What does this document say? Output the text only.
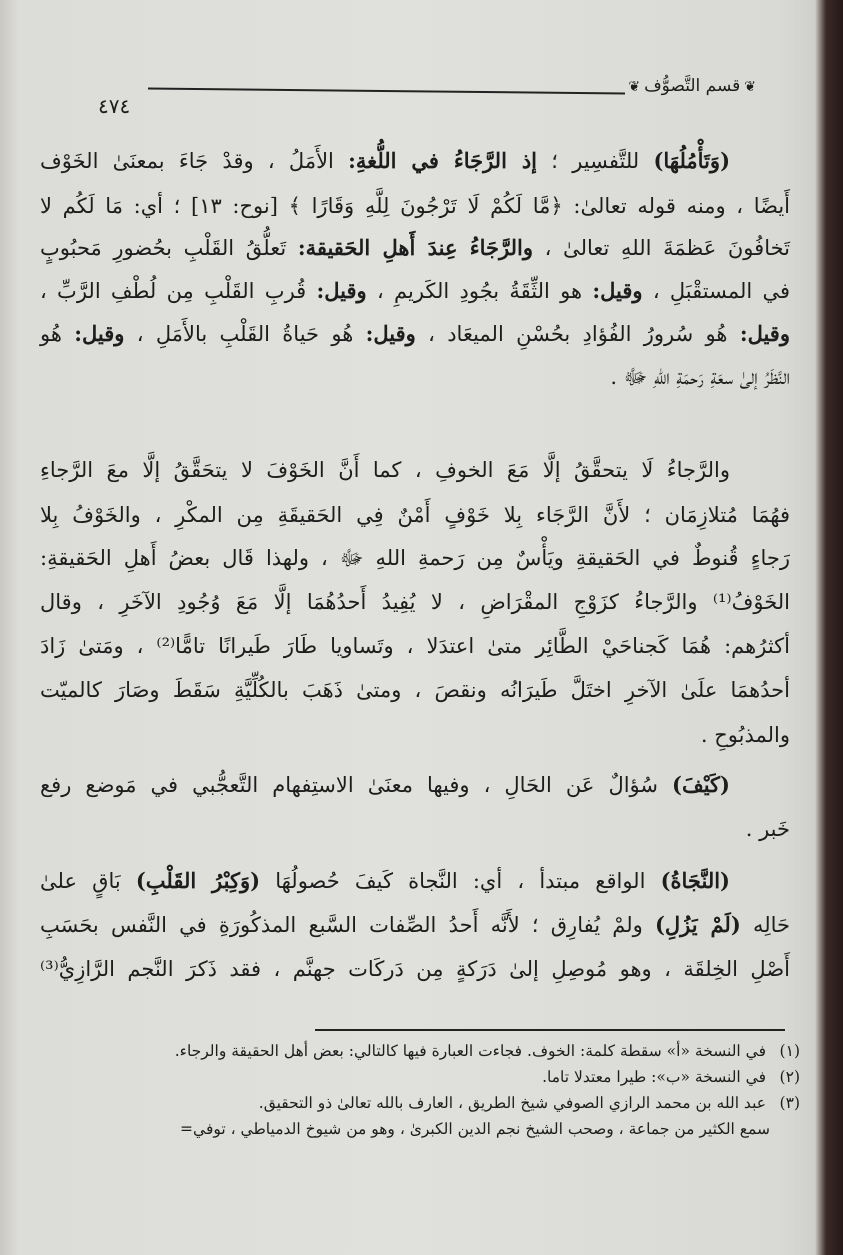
❦قسم التَّصوُّف❦
٤٧٤
(وَتَأْمُلُهَا) للتَّفسِير ؛ إذ الرَّجَاءُ في اللُّغةِ: الأَمَلُ ، وقدْ جَاءَ بمعنَىٰ الخَوْف
أَيضًا ، ومنه قوله تعالىٰ: ﴿مَّا لَكُمْ لَا تَرْجُونَ لِلَّهِ وَقَارًا ﴾ [نوح: ١٣] ؛ أي: مَا لَكُم لا
تَخافُونَ عَظمَةَ اللهِ تعالىٰ ، والرَّجَاءُ عِندَ أَهلِ الحَقيقة: تَعلُّقُ القَلْبِ بحُضورِ مَحبُوبٍ
في المستقْبَلِ ، وقيل: هو الثِّقَةُ بجُودِ الكَريمِ ، وقيل: قُربِ القَلْبِ مِن لُطْفِ الرَّبِّ ،
وقيل: هُو سُرورُ الفُؤادِ بحُسْنِ الميعَاد ، وقيل: هُو حَياةُ القَلْبِ بالأَمَلِ ، وقيل: هُو
النَّظَرُ إلىٰ سعَةِ رَحمَةِ اللهِ ﷻ .
والرَّجاءُ لَا يتحقَّقُ إلَّا مَعَ الخوفِ ، كما أَنَّ الخَوْفَ لا يتحَقَّقُ إلَّا معَ الرَّجاءِ
فهُمَا مُتلازِمَان ؛ لأَنَّ الرَّجَاء بِلا خَوْفٍ أَمْنٌ فِي الحَقيقَةِ مِن المكْرِ ، والخَوْفُ بِلا
رَجاءٍ قُنوطٌ في الحَقيقةِ ويَأْسٌ مِن رَحمةِ اللهِ ﷻ ، ولهذا قَال بعضُ أَهلِ الحَقيقةِ:
الخَوْفُ⁽¹⁾ والرَّجاءُ كزَوْجِ المقْرَاضِ ، لا يُفِيدُ أَحدُهُمَا إلَّا مَعَ وُجُودِ الآخَرِ ، وقال
أكثرُهم: هُمَا كَجناحَيْ الطَّائِر متىٰ اعتدَلا ، وتَساويا طَارَ طَيرانًا تامًّا⁽²⁾ ، ومَتىٰ زَادَ
أحدُهمَا علَىٰ الآخرِ اختَلَّ طَيرَانُه ونقصَ ، ومتىٰ ذَهَبَ بالكُلِّيَّةِ سَقَطَ وصَارَ كالميّت
والمذبُوحِ .
(كَيْفَ) سُؤالٌ عَن الحَالِ ، وفيها معنَىٰ الاستِفهام التَّعجُّبي في مَوضع رفع
خَبر .
(النَّجَاةُ) الواقع مبتدأ ، أي: النَّجاة كَيفَ حُصولُهَا (وَكِبْرُ القَلْبِ) بَاقٍ علىٰ
حَالِه (لَمْ يَزُلِ) ولمْ يُفارِق ؛ لأَنَّه أَحدُ الصِّفات السَّبع المذكُورَةِ في النَّفس بحَسَبِ
أَصْلِ الخِلقَة ، وهو مُوصِلِ إلىٰ دَرَكةٍ مِن دَركَات جهنَّم ، فقد ذَكرَ النَّجم الرَّازِيُّ⁽³⁾
(١)في النسخة «أ» سقطة كلمة: الخوف. فجاءت العبارة فيها كالتالي: بعض أهل الحقيقة والرجاء.
(٢)في النسخة «ب»: طيرا معتدلا تاما.
(٣)عبد الله بن محمد الرازي الصوفي شيخ الطريق ، العارف بالله تعالىٰ ذو التحقيق.
سمع الكثير من جماعة ، وصحب الشيخ نجم الدين الكبرىٰ ، وهو من شيوخ الدمياطي ، توفي=
